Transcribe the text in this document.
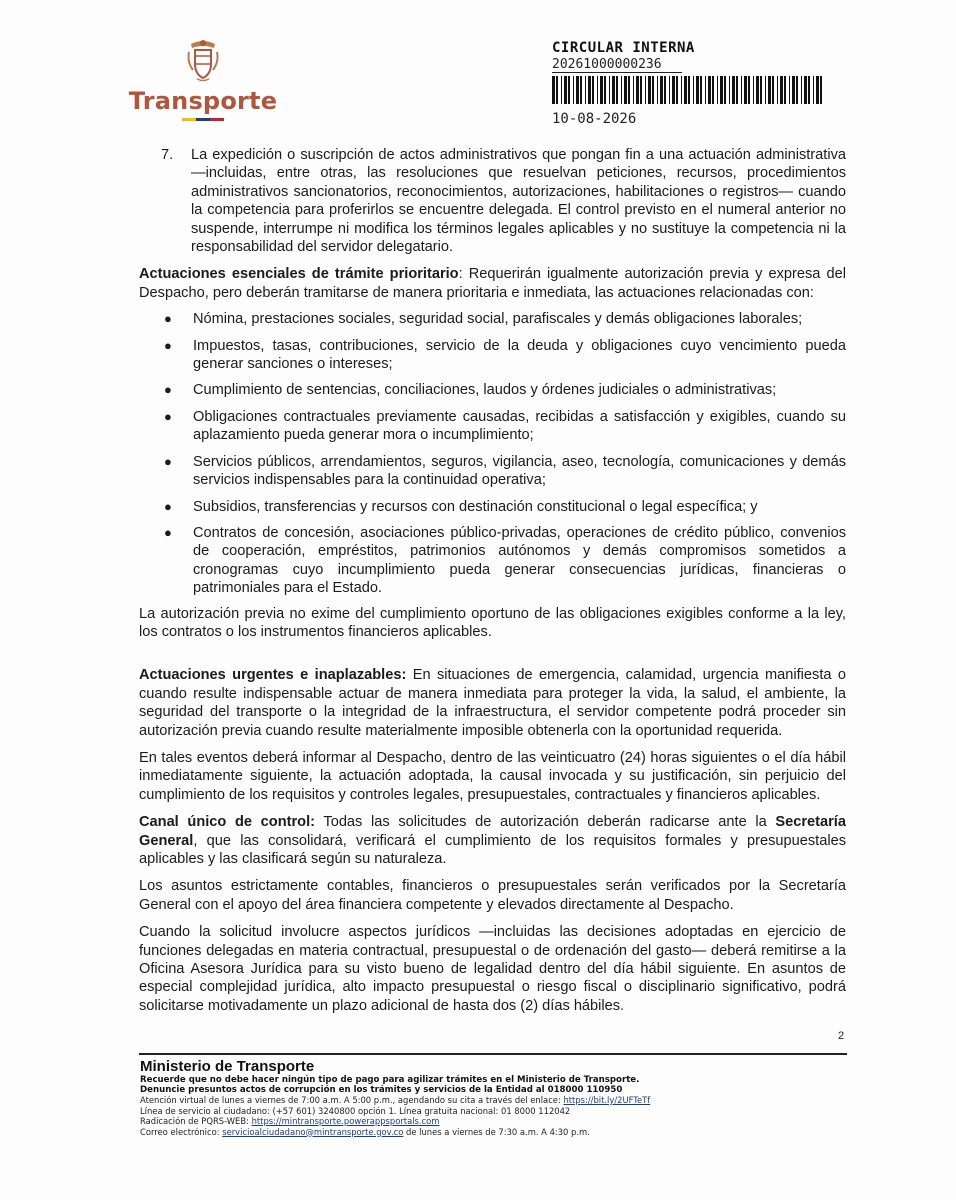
Transporte
CIRCULAR INTERNA
20261000000236
10-08-2026
7.	La expedición o suscripción de actos administrativos que pongan fin a una actuación administrativa —incluidas, entre otras, las resoluciones que resuelvan peticiones, recursos, procedimientos administrativos sancionatorios, reconocimientos, autorizaciones, habilitaciones o registros— cuando la competencia para proferirlos se encuentre delegada. El control previsto en el numeral anterior no suspende, interrumpe ni modifica los términos legales aplicables y no sustituye la competencia ni la responsabilidad del servidor delegatario.

Actuaciones esenciales de trámite prioritario: Requerirán igualmente autorización previa y expresa del Despacho, pero deberán tramitarse de manera prioritaria e inmediata, las actuaciones relacionadas con:

●	Nómina, prestaciones sociales, seguridad social, parafiscales y demás obligaciones laborales;
●	Impuestos, tasas, contribuciones, servicio de la deuda y obligaciones cuyo vencimiento pueda generar sanciones o intereses;
●	Cumplimiento de sentencias, conciliaciones, laudos y órdenes judiciales o administrativas;
●	Obligaciones contractuales previamente causadas, recibidas a satisfacción y exigibles, cuando su aplazamiento pueda generar mora o incumplimiento;
●	Servicios públicos, arrendamientos, seguros, vigilancia, aseo, tecnología, comunicaciones y demás servicios indispensables para la continuidad operativa;
●	Subsidios, transferencias y recursos con destinación constitucional o legal específica; y
●	Contratos de concesión, asociaciones público-privadas, operaciones de crédito público, convenios de cooperación, empréstitos, patrimonios autónomos y demás compromisos sometidos a cronogramas cuyo incumplimiento pueda generar consecuencias jurídicas, financieras o patrimoniales para el Estado.

La autorización previa no exime del cumplimiento oportuno de las obligaciones exigibles conforme a la ley, los contratos o los instrumentos financieros aplicables.

Actuaciones urgentes e inaplazables: En situaciones de emergencia, calamidad, urgencia manifiesta o cuando resulte indispensable actuar de manera inmediata para proteger la vida, la salud, el ambiente, la seguridad del transporte o la integridad de la infraestructura, el servidor competente podrá proceder sin autorización previa cuando resulte materialmente imposible obtenerla con la oportunidad requerida.

En tales eventos deberá informar al Despacho, dentro de las veinticuatro (24) horas siguientes o el día hábil inmediatamente siguiente, la actuación adoptada, la causal invocada y su justificación, sin perjuicio del cumplimiento de los requisitos y controles legales, presupuestales, contractuales y financieros aplicables.

Canal único de control: Todas las solicitudes de autorización deberán radicarse ante la Secretaría General, que las consolidará, verificará el cumplimiento de los requisitos formales y presupuestales aplicables y las clasificará según su naturaleza.

Los asuntos estrictamente contables, financieros o presupuestales serán verificados por la Secretaría General con el apoyo del área financiera competente y elevados directamente al Despacho.

Cuando la solicitud involucre aspectos jurídicos —incluidas las decisiones adoptadas en ejercicio de funciones delegadas en materia contractual, presupuestal o de ordenación del gasto— deberá remitirse a la Oficina Asesora Jurídica para su visto bueno de legalidad dentro del día hábil siguiente. En asuntos de especial complejidad jurídica, alto impacto presupuestal o riesgo fiscal o disciplinario significativo, podrá solicitarse motivadamente un plazo adicional de hasta dos (2) días hábiles.

2
Ministerio de Transporte
Recuerde que no debe hacer ningún tipo de pago para agilizar trámites en el Ministerio de Transporte.
Denuncie presuntos actos de corrupción en los trámites y servicios de la Entidad al 018000 110950
Atención virtual de lunes a viernes de 7:00 a.m. A 5:00 p.m., agendando su cita a través del enlace: https://bit.ly/2UFTeTf
Línea de servicio al ciudadano: (+57 601) 3240800 opción 1. Línea gratuita nacional: 01 8000 112042
Radicación de PQRS-WEB: https://mintransporte.powerappsportals.com
Correo electrónico: servicioalciudadano@mintransporte.gov.co de lunes a viernes de 7:30 a.m. A 4:30 p.m.
